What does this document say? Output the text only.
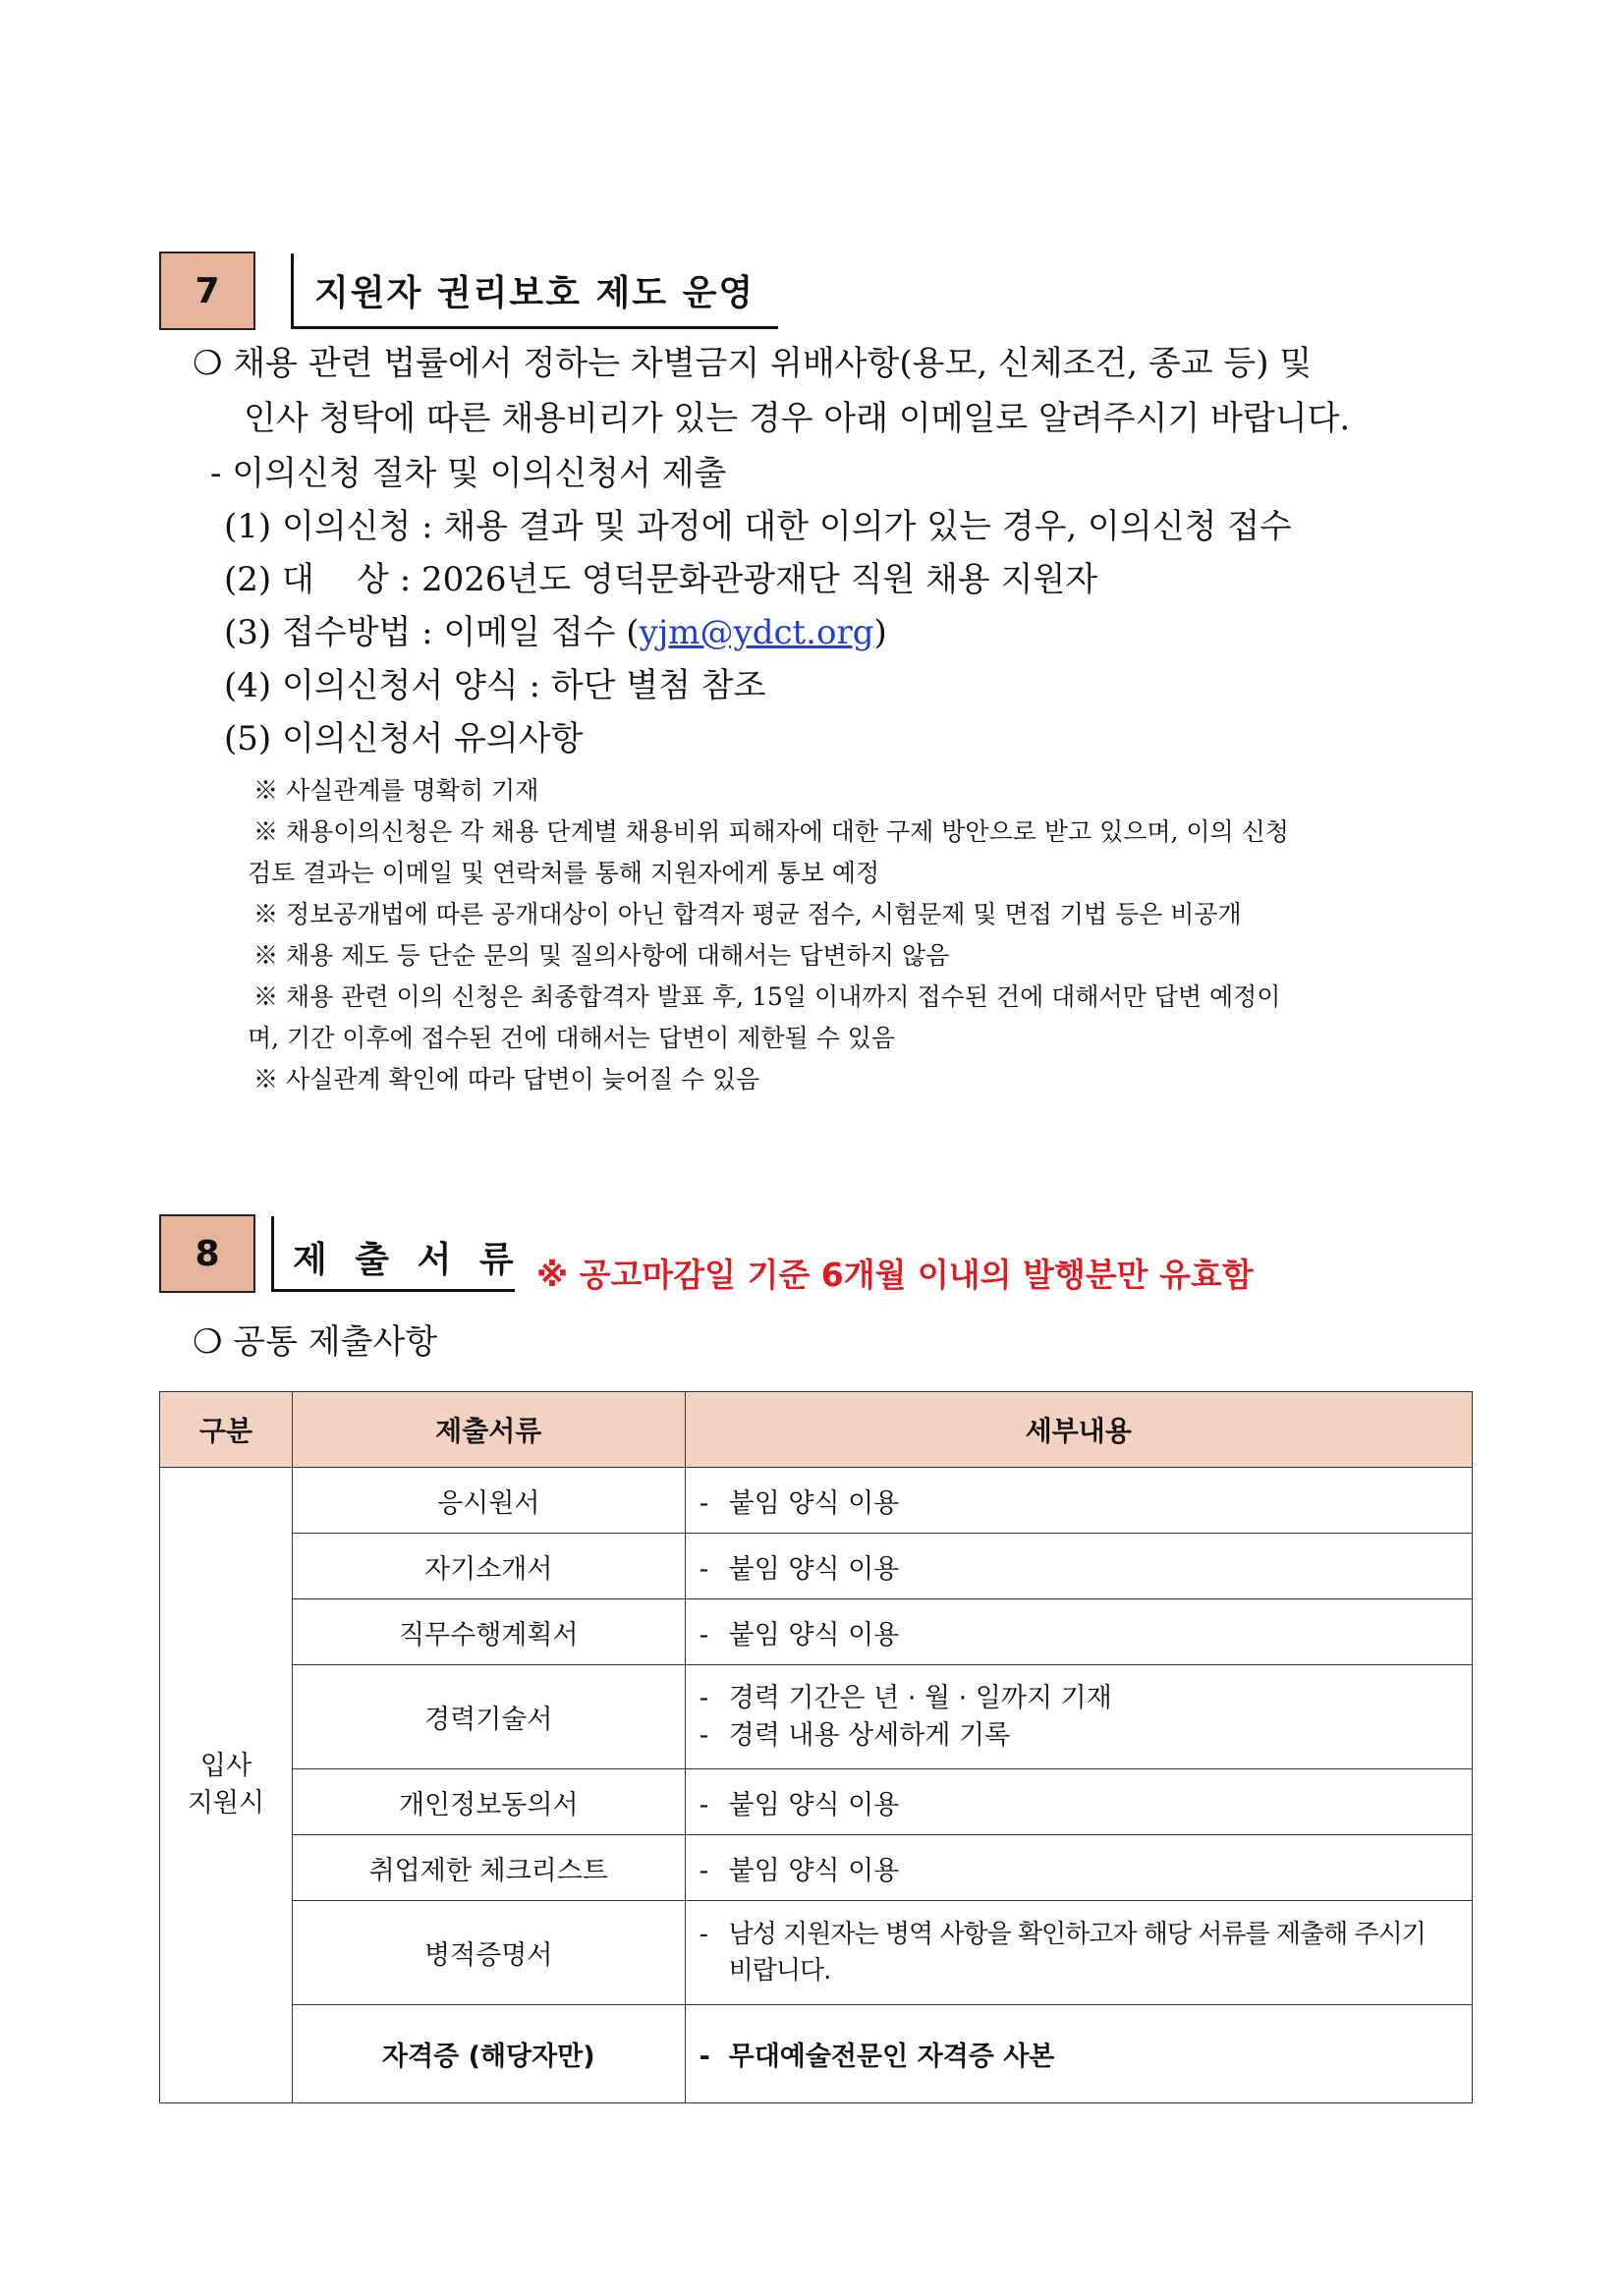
7	지원자 권리보호 제도 운영
❍ 채용 관련 법률에서 정하는 차별금지 위배사항(용모, 신체조건, 종교 등) 및
인사 청탁에 따른 채용비리가 있는 경우 아래 이메일로 알려주시기 바랍니다.
- 이의신청 절차 및 이의신청서 제출
(1) 이의신청 : 채용 결과 및 과정에 대한 이의가 있는 경우, 이의신청 접수
(2) 대    상 : 2026년도 영덕문화관광재단 직원 채용 지원자
(3) 접수방법 : 이메일 접수 (yjm@ydct.org)
(4) 이의신청서 양식 : 하단 별첨 참조
(5) 이의신청서 유의사항
※ 사실관계를 명확히 기재
※ 채용이의신청은 각 채용 단계별 채용비위 피해자에 대한 구제 방안으로 받고 있으며, 이의 신청
검토 결과는 이메일 및 연락처를 통해 지원자에게 통보 예정
※ 정보공개법에 따른 공개대상이 아닌 합격자 평균 점수, 시험문제 및 면접 기법 등은 비공개
※ 채용 제도 등 단순 문의 및 질의사항에 대해서는 답변하지 않음
※ 채용 관련 이의 신청은 최종합격자 발표 후, 15일 이내까지 접수된 건에 대해서만 답변 예정이
며, 기간 이후에 접수된 건에 대해서는 답변이 제한될 수 있음
※ 사실관계 확인에 따라 답변이 늦어질 수 있음
8	제 출 서 류 ※ 공고마감일 기준 6개월 이내의 발행분만 유효함
❍ 공통 제출사항
구분	제출서류	세부내용

입사
지원시	응시원서	- 붙임 양식 이용
	자기소개서	- 붙임 양식 이용
	직무수행계획서	- 붙임 양식 이용
	경력기술서	- 경력 기간은 년 · 월 · 일까지 기재
- 경력 내용 상세하게 기록

	개인정보동의서	- 붙임 양식 이용
	취업제한 체크리스트	- 붙임 양식 이용
	병적증명서	- 남성 지원자는 병역 사항을 확인하고자 해당 서류를 제출해 주시기
비랍니다.

	자격증 (해당자만)	- 무대예술전문인 자격증 사본
